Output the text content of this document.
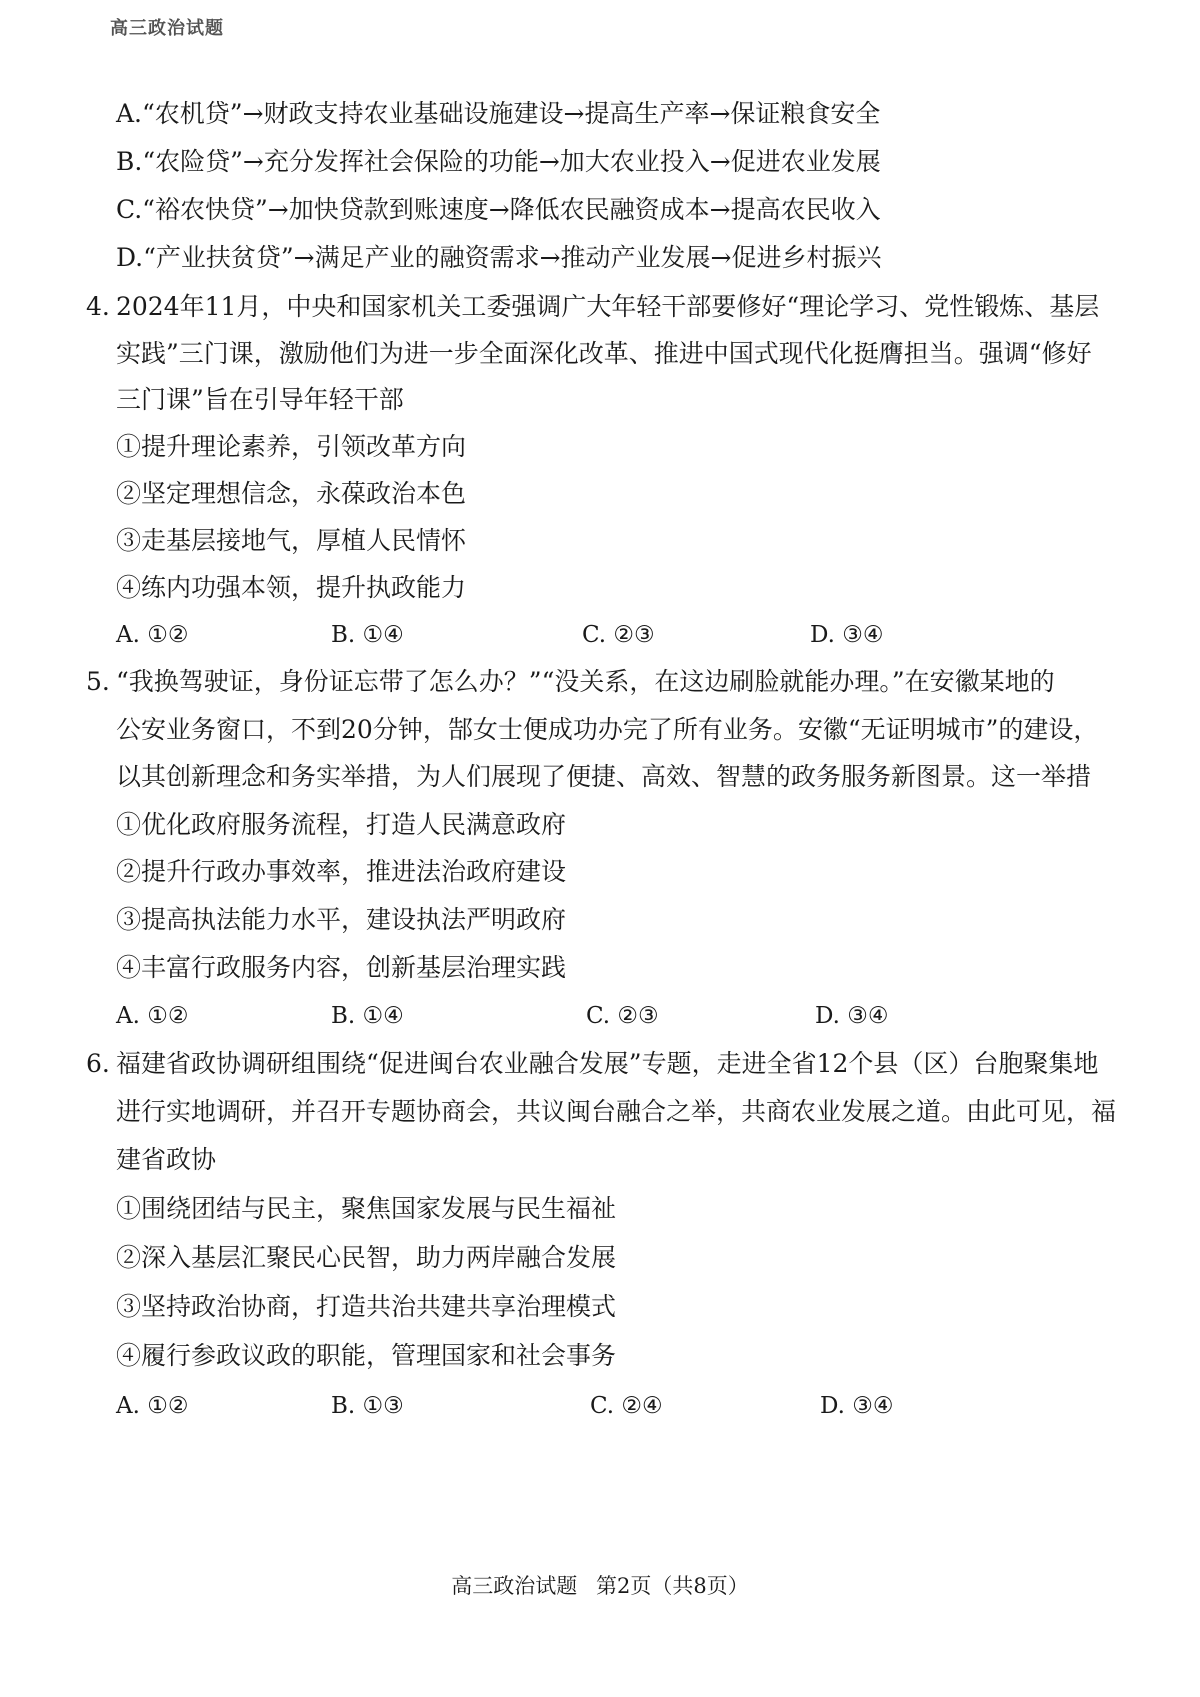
高三政治试题
A.“农机贷”→财政支持农业基础设施建设→提高生产率→保证粮食安全
B.“农险贷”→充分发挥社会保险的功能→加大农业投入→促进农业发展
C.“裕农快贷”→加快贷款到账速度→降低农民融资成本→提高农民收入
D.“产业扶贫贷”→满足产业的融资需求→推动产业发展→促进乡村振兴
4. 2024年11月，中央和国家机关工委强调广大年轻干部要修好“理论学习、党性锻炼、基层
实践”三门课，激励他们为进一步全面深化改革、推进中国式现代化挺膺担当。强调“修好
三门课”旨在引导年轻干部
①提升理论素养，引领改革方向
②坚定理想信念，永葆政治本色
③走基层接地气，厚植人民情怀
④练内功强本领，提升执政能力
A. ①②	B. ①④	C. ②③	D. ③④
5. “我换驾驶证，身份证忘带了怎么办？”“没关系，在这边刷脸就能办理。”在安徽某地的
公安业务窗口，不到20分钟，郜女士便成功办完了所有业务。安徽“无证明城市”的建设，
以其创新理念和务实举措，为人们展现了便捷、高效、智慧的政务服务新图景。这一举措
①优化政府服务流程，打造人民满意政府
②提升行政办事效率，推进法治政府建设
③提高执法能力水平，建设执法严明政府
④丰富行政服务内容，创新基层治理实践
A. ①②	B. ①④	C. ②③	D. ③④
6. 福建省政协调研组围绕“促进闽台农业融合发展”专题，走进全省12个县（区）台胞聚集地
进行实地调研，并召开专题协商会，共议闽台融合之举，共商农业发展之道。由此可见，福
建省政协
①围绕团结与民主，聚焦国家发展与民生福祉
②深入基层汇聚民心民智，助力两岸融合发展
③坚持政治协商，打造共治共建共享治理模式
④履行参政议政的职能，管理国家和社会事务
A. ①②	B. ①③	C. ②④	D. ③④
高三政治试题 第2页（共8页）
